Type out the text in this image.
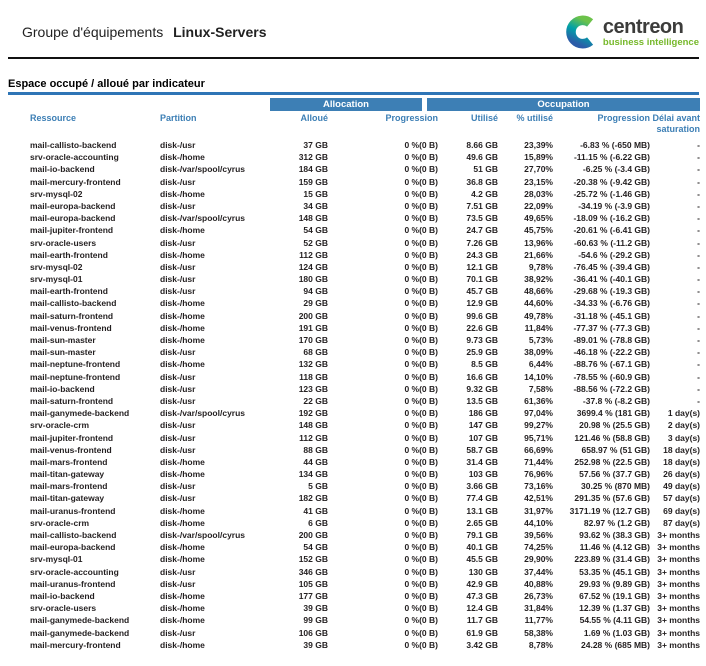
Groupe d'équipements Linux-Servers	centreon
business intelligence
Espace occupé / alloué par indicateur
Allocation	Occupation
Ressource	Partition	Alloué	Progression	Utilisé	% utilisé	Progression Délai avant saturation
mail-callisto-backend	disk-/usr	37 GB	0 %(0 B)	8.66 GB	23,39%	-6.83 % (-650 MB)	-
srv-oracle-accounting	disk-/home	312 GB	0 %(0 B)	49.6 GB	15,89%	-11.15 % (-6.22 GB)	-
mail-io-backend	disk-/var/spool/cyrus	184 GB	0 %(0 B)	51 GB	27,70%	-6.25 % (-3.4 GB)	-
mail-mercury-frontend	disk-/usr	159 GB	0 %(0 B)	36.8 GB	23,15%	-20.38 % (-9.42 GB)	-
srv-mysql-02	disk-/home	15 GB	0 %(0 B)	4.2 GB	28,03%	-25.72 % (-1.46 GB)	-
mail-europa-backend	disk-/usr	34 GB	0 %(0 B)	7.51 GB	22,09%	-34.19 % (-3.9 GB)	-
mail-europa-backend	disk-/var/spool/cyrus	148 GB	0 %(0 B)	73.5 GB	49,65%	-18.09 % (-16.2 GB)	-
mail-jupiter-frontend	disk-/home	54 GB	0 %(0 B)	24.7 GB	45,75%	-20.61 % (-6.41 GB)	-
srv-oracle-users	disk-/usr	52 GB	0 %(0 B)	7.26 GB	13,96%	-60.63 % (-11.2 GB)	-
mail-earth-frontend	disk-/home	112 GB	0 %(0 B)	24.3 GB	21,66%	-54.6 % (-29.2 GB)	-
srv-mysql-02	disk-/usr	124 GB	0 %(0 B)	12.1 GB	9,78%	-76.45 % (-39.4 GB)	-
srv-mysql-01	disk-/usr	180 GB	0 %(0 B)	70.1 GB	38,92%	-36.41 % (-40.1 GB)	-
mail-earth-frontend	disk-/usr	94 GB	0 %(0 B)	45.7 GB	48,66%	-29.68 % (-19.3 GB)	-
mail-callisto-backend	disk-/home	29 GB	0 %(0 B)	12.9 GB	44,60%	-34.33 % (-6.76 GB)	-
mail-saturn-frontend	disk-/home	200 GB	0 %(0 B)	99.6 GB	49,78%	-31.18 % (-45.1 GB)	-
mail-venus-frontend	disk-/home	191 GB	0 %(0 B)	22.6 GB	11,84%	-77.37 % (-77.3 GB)	-
mail-sun-master	disk-/home	170 GB	0 %(0 B)	9.73 GB	5,73%	-89.01 % (-78.8 GB)	-
mail-sun-master	disk-/usr	68 GB	0 %(0 B)	25.9 GB	38,09%	-46.18 % (-22.2 GB)	-
mail-neptune-frontend	disk-/home	132 GB	0 %(0 B)	8.5 GB	6,44%	-88.76 % (-67.1 GB)	-
mail-neptune-frontend	disk-/usr	118 GB	0 %(0 B)	16.6 GB	14,10%	-78.55 % (-60.9 GB)	-
mail-io-backend	disk-/usr	123 GB	0 %(0 B)	9.32 GB	7,58%	-88.56 % (-72.2 GB)	-
mail-saturn-frontend	disk-/usr	22 GB	0 %(0 B)	13.5 GB	61,36%	-37.8 % (-8.2 GB)	-
mail-ganymede-backend	disk-/var/spool/cyrus	192 GB	0 %(0 B)	186 GB	97,04%	3699.4 % (181 GB)	1 day(s)
srv-oracle-crm	disk-/usr	148 GB	0 %(0 B)	147 GB	99,27%	20.98 % (25.5 GB)	2 day(s)
mail-jupiter-frontend	disk-/usr	112 GB	0 %(0 B)	107 GB	95,71%	121.46 % (58.8 GB)	3 day(s)
mail-venus-frontend	disk-/usr	88 GB	0 %(0 B)	58.7 GB	66,69%	658.97 % (51 GB)	18 day(s)
mail-mars-frontend	disk-/home	44 GB	0 %(0 B)	31.4 GB	71,44%	252.98 % (22.5 GB)	18 day(s)
mail-titan-gateway	disk-/home	134 GB	0 %(0 B)	103 GB	76,96%	57.56 % (37.7 GB)	26 day(s)
mail-mars-frontend	disk-/usr	5 GB	0 %(0 B)	3.66 GB	73,16%	30.25 % (870 MB)	49 day(s)
mail-titan-gateway	disk-/usr	182 GB	0 %(0 B)	77.4 GB	42,51%	291.35 % (57.6 GB)	57 day(s)
mail-uranus-frontend	disk-/home	41 GB	0 %(0 B)	13.1 GB	31,97%	3171.19 % (12.7 GB)	69 day(s)
srv-oracle-crm	disk-/home	6 GB	0 %(0 B)	2.65 GB	44,10%	82.97 % (1.2 GB)	87 day(s)
mail-callisto-backend	disk-/var/spool/cyrus	200 GB	0 %(0 B)	79.1 GB	39,56%	93.62 % (38.3 GB) 3+ months
mail-europa-backend	disk-/home	54 GB	0 %(0 B)	40.1 GB	74,25%	11.46 % (4.12 GB) 3+ months
srv-mysql-01	disk-/home	152 GB	0 %(0 B)	45.5 GB	29,90%	223.89 % (31.4 GB) 3+ months
srv-oracle-accounting	disk-/usr	346 GB	0 %(0 B)	130 GB	37,44%	53.35 % (45.1 GB) 3+ months
mail-uranus-frontend	disk-/usr	105 GB	0 %(0 B)	42.9 GB	40,88%	29.93 % (9.89 GB) 3+ months
mail-io-backend	disk-/home	177 GB	0 %(0 B)	47.3 GB	26,73%	67.52 % (19.1 GB) 3+ months
srv-oracle-users	disk-/home	39 GB	0 %(0 B)	12.4 GB	31,84%	12.39 % (1.37 GB) 3+ months
mail-ganymede-backend	disk-/home	99 GB	0 %(0 B)	11.7 GB	11,77%	54.55 % (4.11 GB) 3+ months
mail-ganymede-backend	disk-/usr	106 GB	0 %(0 B)	61.9 GB	58,38%	1.69 % (1.03 GB) 3+ months
mail-mercury-frontend	disk-/home	39 GB	0 %(0 B)	3.42 GB	8,78%	24.28 % (685 MB) 3+ months
